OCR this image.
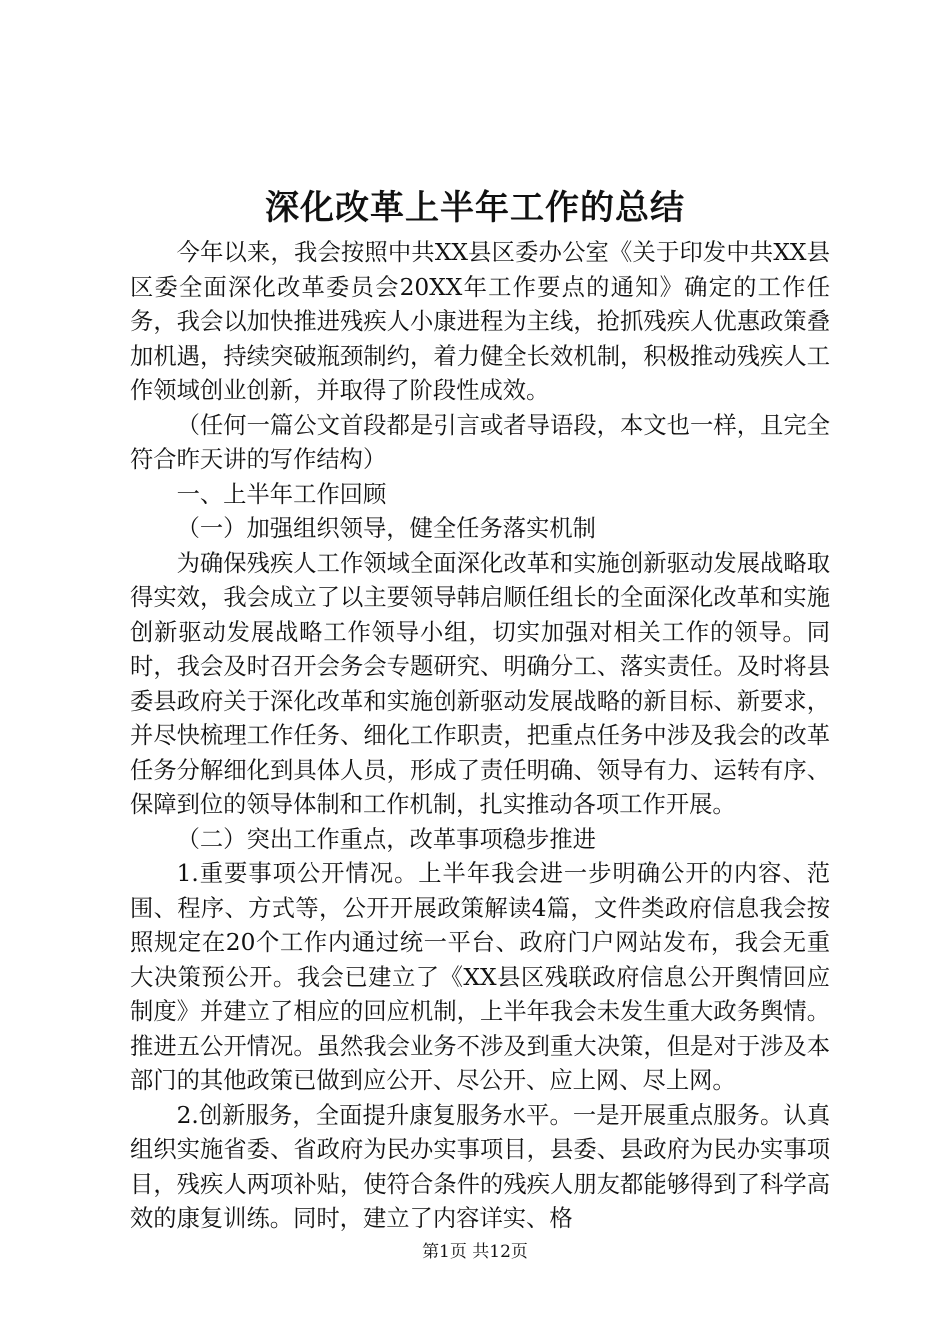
深化改革上半年工作的总结

今年以来，我会按照中共XX县区委办公室《关于印发中共XX县区委全面深化改革委员会20XX年工作要点的通知》确定的工作任务，我会以加快推进残疾人小康进程为主线，抢抓残疾人优惠政策叠加机遇，持续突破瓶颈制约，着力健全长效机制，积极推动残疾人工作领域创业创新，并取得了阶段性成效。

（任何一篇公文首段都是引言或者导语段，本文也一样，且完全符合昨天讲的写作结构）

一、上半年工作回顾

（一）加强组织领导，健全任务落实机制

为确保残疾人工作领域全面深化改革和实施创新驱动发展战略取得实效，我会成立了以主要领导韩启顺任组长的全面深化改革和实施创新驱动发展战略工作领导小组，切实加强对相关工作的领导。同时，我会及时召开会务会专题研究、明确分工、落实责任。及时将县委县政府关于深化改革和实施创新驱动发展战略的新目标、新要求，并尽快梳理工作任务、细化工作职责，把重点任务中涉及我会的改革任务分解细化到具体人员，形成了责任明确、领导有力、运转有序、保障到位的领导体制和工作机制，扎实推动各项工作开展。

（二）突出工作重点，改革事项稳步推进

1.重要事项公开情况。上半年我会进一步明确公开的内容、范围、程序、方式等，公开开展政策解读4篇，文件类政府信息我会按照规定在20个工作内通过统一平台、政府门户网站发布，我会无重大决策预公开。我会已建立了《XX县区残联政府信息公开舆情回应制度》并建立了相应的回应机制，上半年我会未发生重大政务舆情。推进五公开情况。虽然我会业务不涉及到重大决策，但是对于涉及本部门的其他政策已做到应公开、尽公开、应上网、尽上网。

2.创新服务，全面提升康复服务水平。一是开展重点服务。认真组织实施省委、省政府为民办实事项目，县委、县政府为民办实事项目，残疾人两项补贴，使符合条件的残疾人朋友都能够得到了科学高效的康复训练。同时，建立了内容详实、格

第1页 共12页
